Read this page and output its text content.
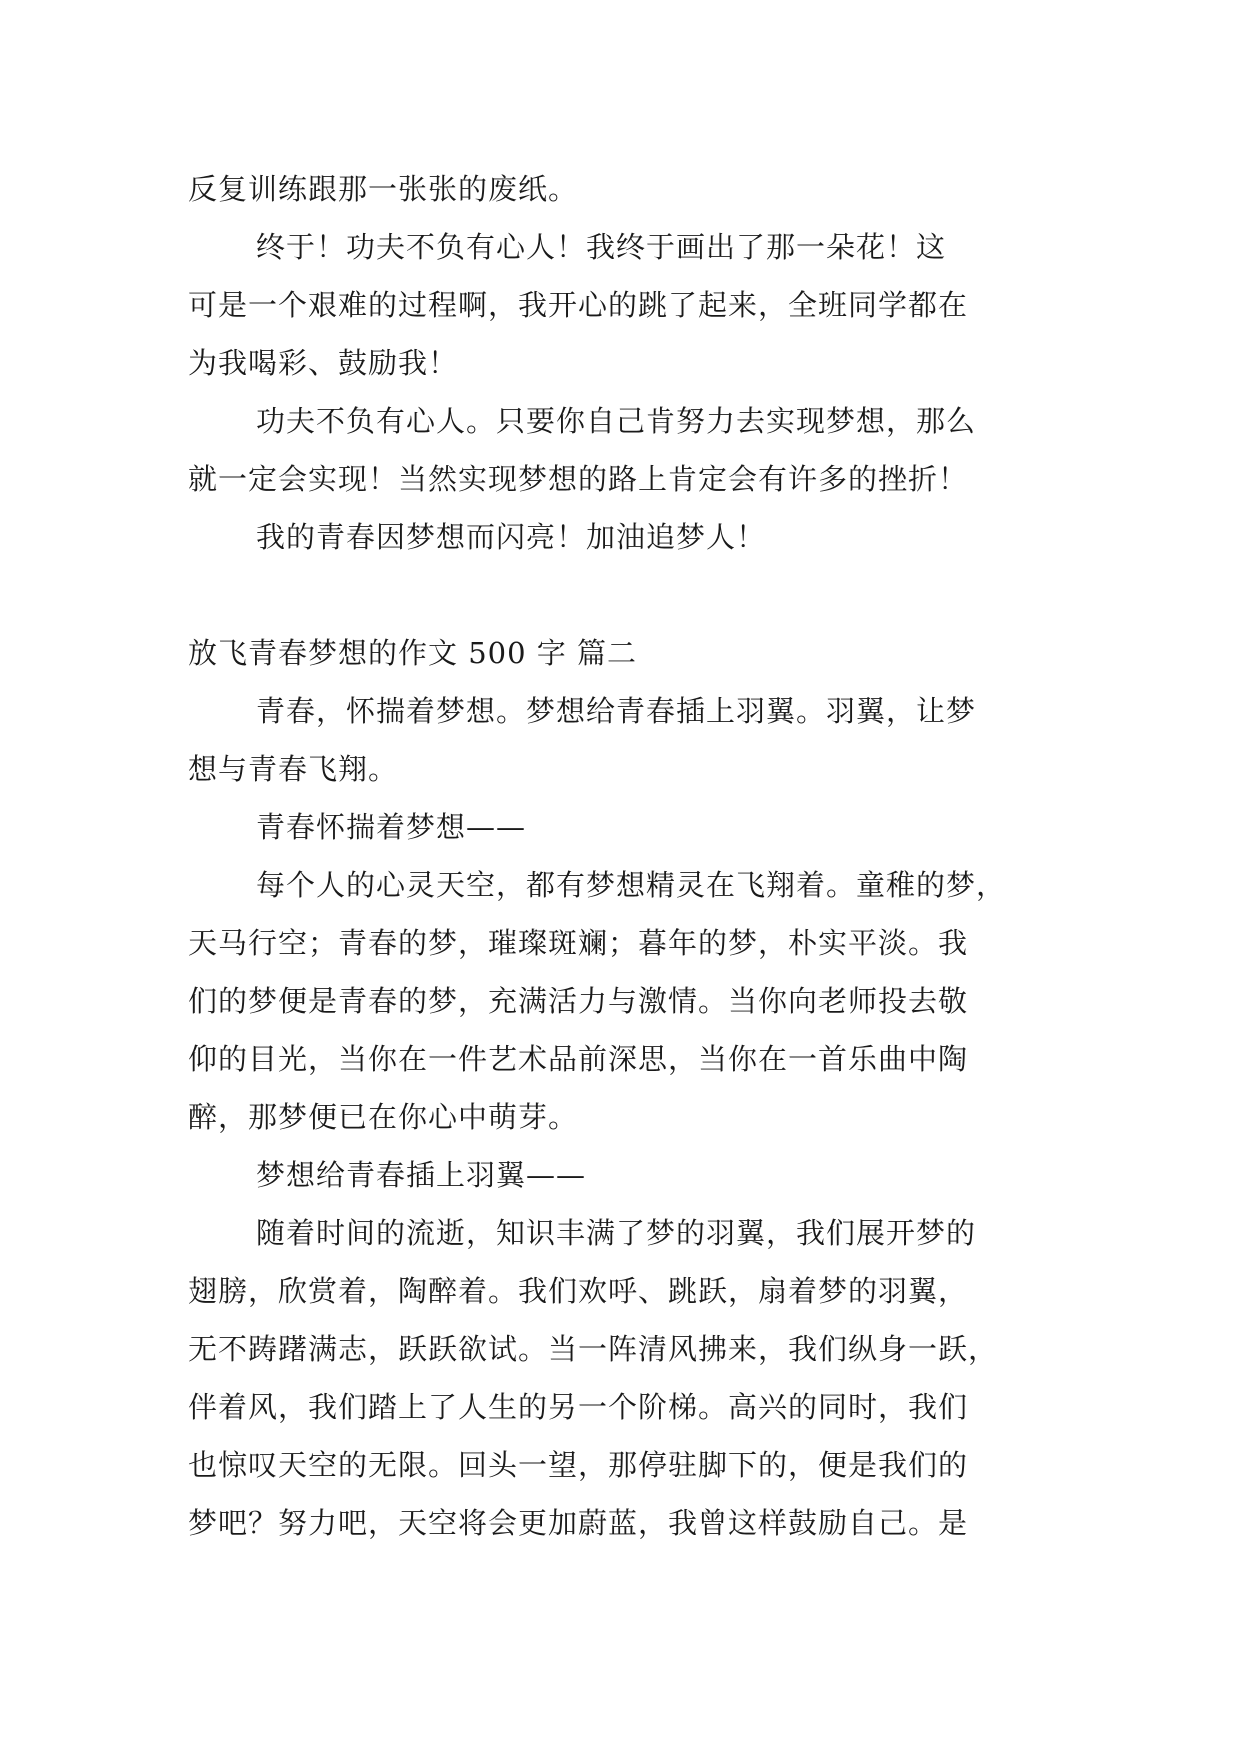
反复训练跟那一张张的废纸。
终于！功夫不负有心人！我终于画出了那一朵花！这
可是一个艰难的过程啊，我开心的跳了起来，全班同学都在
为我喝彩、鼓励我！
功夫不负有心人。只要你自己肯努力去实现梦想，那么
就一定会实现！当然实现梦想的路上肯定会有许多的挫折！
我的青春因梦想而闪亮！加油追梦人！
放飞青春梦想的作文 500 字 篇二
青春，怀揣着梦想。梦想给青春插上羽翼。羽翼，让梦
想与青春飞翔。
青春怀揣着梦想——
每个人的心灵天空，都有梦想精灵在飞翔着。童稚的梦，
天马行空；青春的梦，璀璨斑斓；暮年的梦，朴实平淡。我
们的梦便是青春的梦，充满活力与激情。当你向老师投去敬
仰的目光，当你在一件艺术品前深思，当你在一首乐曲中陶
醉，那梦便已在你心中萌芽。
梦想给青春插上羽翼——
随着时间的流逝，知识丰满了梦的羽翼，我们展开梦的
翅膀，欣赏着，陶醉着。我们欢呼、跳跃，扇着梦的羽翼，
无不踌躇满志，跃跃欲试。当一阵清风拂来，我们纵身一跃，
伴着风，我们踏上了人生的另一个阶梯。高兴的同时，我们
也惊叹天空的无限。回头一望，那停驻脚下的，便是我们的
梦吧？努力吧，天空将会更加蔚蓝，我曾这样鼓励自己。是
